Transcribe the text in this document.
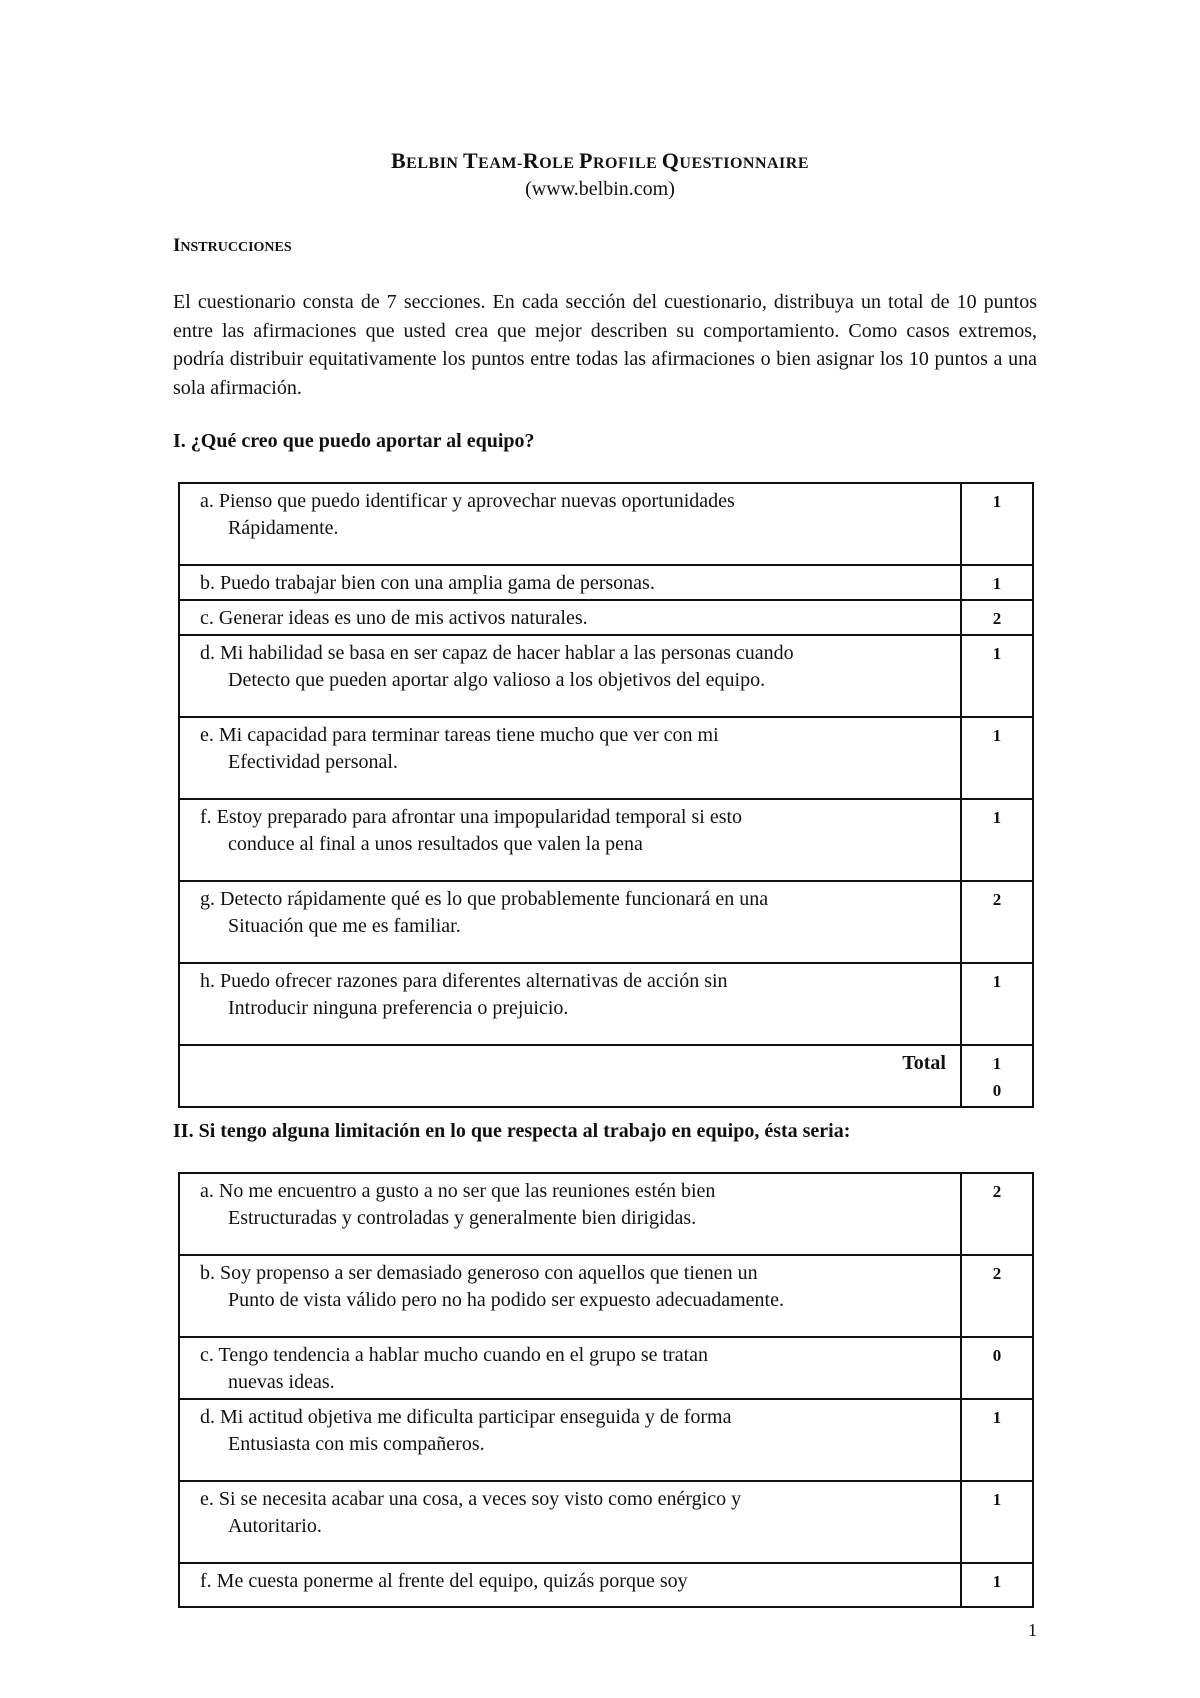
BELBIN TEAM-ROLE PROFILE QUESTIONNAIRE
(www.belbin.com)
INSTRUCCIONES
El cuestionario consta de 7 secciones. En cada sección del cuestionario, distribuya un total de 10 puntos entre las afirmaciones que usted crea que mejor describen su comportamiento. Como casos extremos, podría distribuir equitativamente los puntos entre todas las afirmaciones o bien asignar los 10 puntos a una sola afirmación.
I. ¿Qué creo que puedo aportar al equipo?
a. Pienso que puedo identificar y aprovechar nuevas oportunidades
Rápidamente.	1

b. Puedo trabajar bien con una amplia gama de personas.	1

c. Generar ideas es uno de mis activos naturales.	2

d. Mi habilidad se basa en ser capaz de hacer hablar a las personas cuando
Detecto que pueden aportar algo valioso a los objetivos del equipo.	1

e. Mi capacidad para terminar tareas tiene mucho que ver con mi
Efectividad personal.	1

f. Estoy preparado para afrontar una impopularidad temporal si esto
conduce al final a unos resultados que valen la pena	1

g. Detecto rápidamente qué es lo que probablemente funcionará en una
Situación que me es familiar.	2

h. Puedo ofrecer razones para diferentes alternativas de acción sin
Introducir ninguna preferencia o prejuicio.	1
Total	1
0
II. Si tengo alguna limitación en lo que respecta al trabajo en equipo, ésta seria:
a. No me encuentro a gusto a no ser que las reuniones estén bien
Estructuradas y controladas y generalmente bien dirigidas.	2

b. Soy propenso a ser demasiado generoso con aquellos que tienen un
Punto de vista válido pero no ha podido ser expuesto adecuadamente.	2

c. Tengo tendencia a hablar mucho cuando en el grupo se tratan
nuevas ideas.	0

d. Mi actitud objetiva me dificulta participar enseguida y de forma
Entusiasta con mis compañeros.	1

e. Si se necesita acabar una cosa, a veces soy visto como enérgico y
Autoritario.	1

f. Me cuesta ponerme al frente del equipo, quizás porque soy	1
1
